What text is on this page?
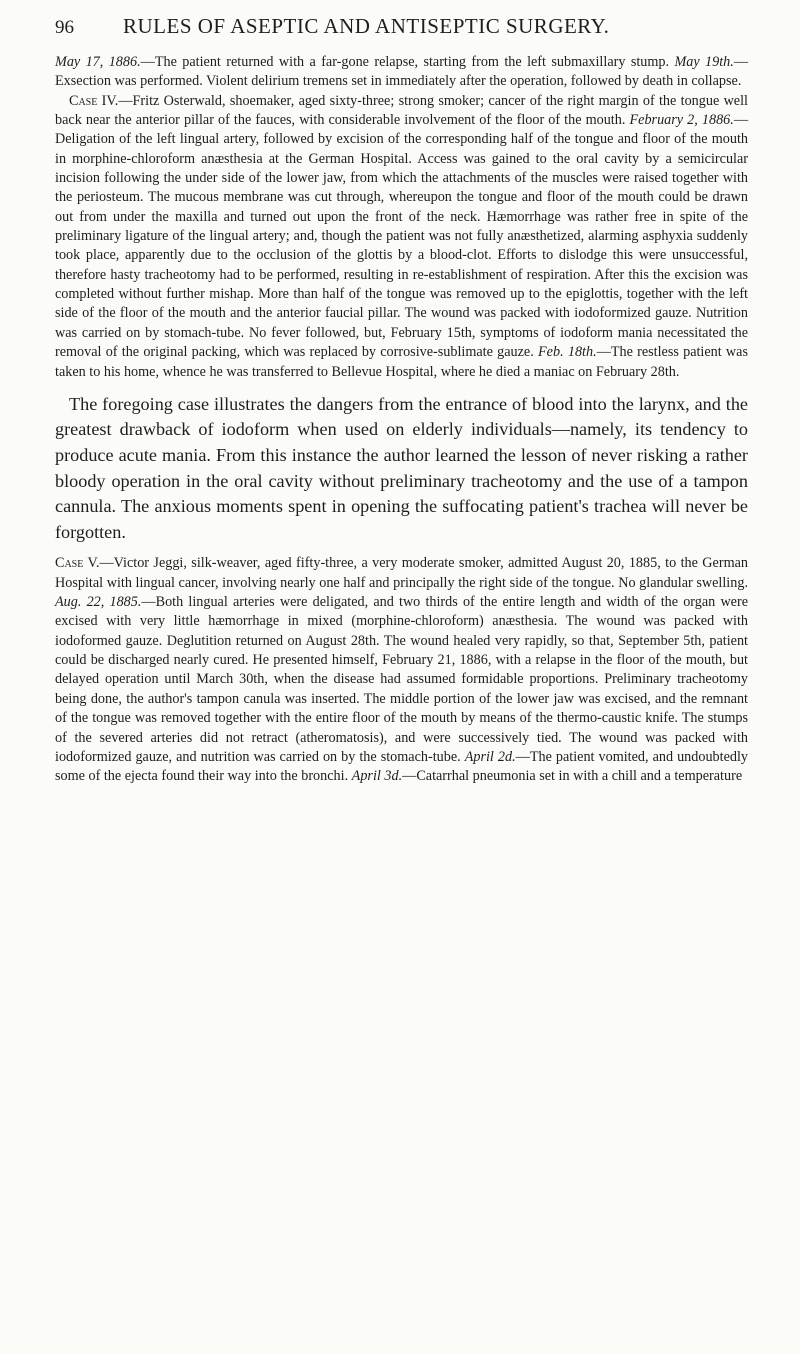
96	RULES OF ASEPTIC AND ANTISEPTIC SURGERY.

May 17, 1886.—The patient returned with a far-gone relapse, starting from the left submaxillary stump. May 19th.—Exsection was performed. Violent delirium tremens set in immediately after the operation, followed by death in collapse.

Case IV.—Fritz Osterwald, shoemaker, aged sixty-three; strong smoker; cancer of the right margin of the tongue well back near the anterior pillar of the fauces, with considerable involvement of the floor of the mouth. February 2, 1886.—Deligation of the left lingual artery, followed by excision of the corresponding half of the tongue and floor of the mouth in morphine-chloroform anæsthesia at the German Hospital. Access was gained to the oral cavity by a semicircular incision following the under side of the lower jaw, from which the attachments of the muscles were raised together with the periosteum. The mucous membrane was cut through, whereupon the tongue and floor of the mouth could be drawn out from under the maxilla and turned out upon the front of the neck. Hæmorrhage was rather free in spite of the preliminary ligature of the lingual artery; and, though the patient was not fully anæsthetized, alarming asphyxia suddenly took place, apparently due to the occlusion of the glottis by a blood-clot. Efforts to dislodge this were unsuccessful, therefore hasty tracheotomy had to be performed, resulting in re-establishment of respiration. After this the excision was completed without further mishap. More than half of the tongue was removed up to the epiglottis, together with the left side of the floor of the mouth and the anterior faucial pillar. The wound was packed with iodoformized gauze. Nutrition was carried on by stomach-tube. No fever followed, but, February 15th, symptoms of iodoform mania necessitated the removal of the original packing, which was replaced by corrosive-sublimate gauze. Feb. 18th.—The restless patient was taken to his home, whence he was transferred to Bellevue Hospital, where he died a maniac on February 28th.

The foregoing case illustrates the dangers from the entrance of blood into the larynx, and the greatest drawback of iodoform when used on elderly individuals—namely, its tendency to produce acute mania. From this instance the author learned the lesson of never risking a rather bloody operation in the oral cavity without preliminary tracheotomy and the use of a tampon cannula. The anxious moments spent in opening the suffocating patient's trachea will never be forgotten.

Case V.—Victor Jeggi, silk-weaver, aged fifty-three, a very moderate smoker, admitted August 20, 1885, to the German Hospital with lingual cancer, involving nearly one half and principally the right side of the tongue. No glandular swelling. Aug. 22, 1885.—Both lingual arteries were deligated, and two thirds of the entire length and width of the organ were excised with very little hæmorrhage in mixed (morphine-chloroform) anæsthesia. The wound was packed with iodoformed gauze. Deglutition returned on August 28th. The wound healed very rapidly, so that, September 5th, patient could be discharged nearly cured. He presented himself, February 21, 1886, with a relapse in the floor of the mouth, but delayed operation until March 30th, when the disease had assumed formidable proportions. Preliminary tracheotomy being done, the author's tampon canula was inserted. The middle portion of the lower jaw was excised, and the remnant of the tongue was removed together with the entire floor of the mouth by means of the thermo-caustic knife. The stumps of the severed arteries did not retract (atheromatosis), and were successively tied. The wound was packed with iodoformized gauze, and nutrition was carried on by the stomach-tube. April 2d.—The patient vomited, and undoubtedly some of the ejecta found their way into the bronchi. April 3d.—Catarrhal pneumonia set in with a chill and a temperature
